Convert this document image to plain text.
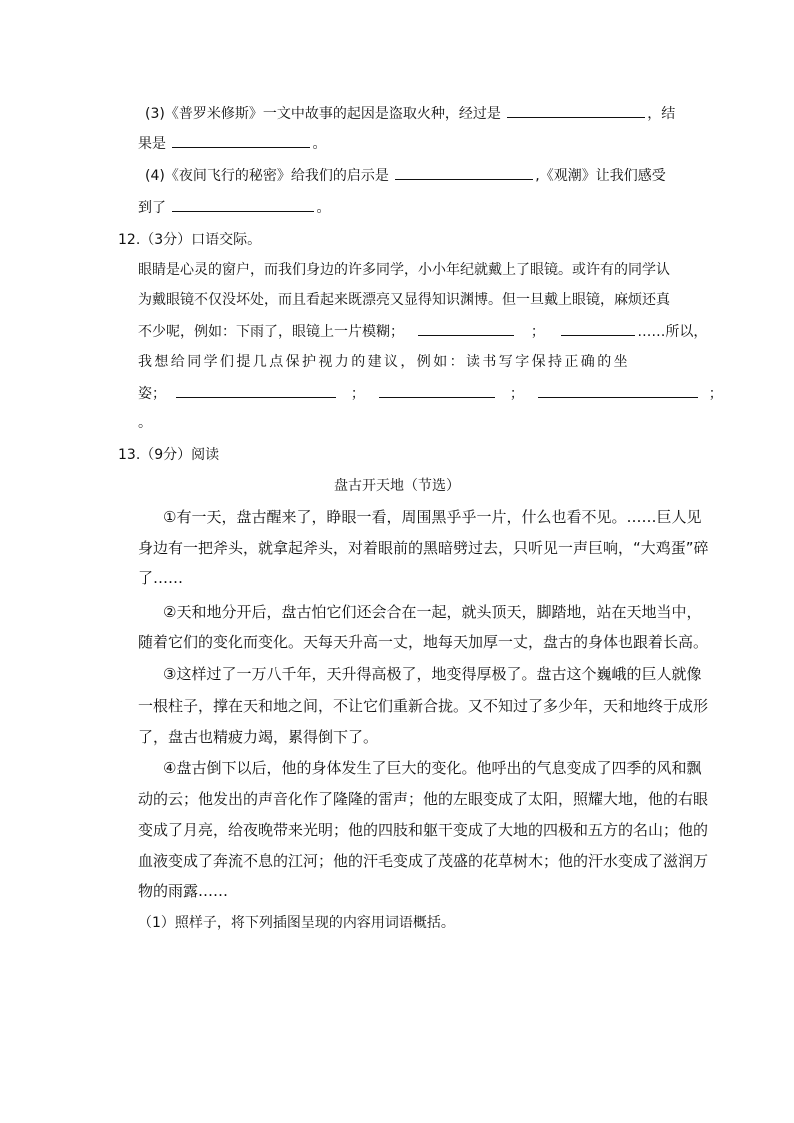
(3)《普罗米修斯》一文中故事的起因是盗取火种，经过是	，结
果是	。
(4)《夜间飞行的秘密》给我们的启示是	,《观潮》让我们感受
到了	。
12.（3分）口语交际。
眼睛是心灵的窗户，而我们身边的许多同学，小小年纪就戴上了眼镜。或许有的同学认
为戴眼镜不仅没坏处，而且看起来既漂亮又显得知识渊博。但一旦戴上眼镜，麻烦还真
不少呢，例如：下雨了，眼镜上一片模糊；	；	……所以，
我想给同学们提几点保护视力的建议，例如：读书写字保持正确的坐
姿；	；	；	；
。
13.（9分）阅读
盘古开天地（节选）
①有一天，盘古醒来了，睁眼一看，周围黑乎乎一片，什么也看不见。……巨人见
身边有一把斧头，就拿起斧头，对着眼前的黑暗劈过去，只听见一声巨响，“大鸡蛋”碎
了……
②天和地分开后，盘古怕它们还会合在一起，就头顶天，脚踏地，站在天地当中，
随着它们的变化而变化。天每天升高一丈，地每天加厚一丈，盘古的身体也跟着长高。
③这样过了一万八千年，天升得高极了，地变得厚极了。盘古这个巍峨的巨人就像
一根柱子，撑在天和地之间，不让它们重新合拢。又不知过了多少年，天和地终于成形
了，盘古也精疲力竭，累得倒下了。
④盘古倒下以后，他的身体发生了巨大的变化。他呼出的气息变成了四季的风和飘
动的云；他发出的声音化作了隆隆的雷声；他的左眼变成了太阳，照耀大地，他的右眼
变成了月亮，给夜晚带来光明；他的四肢和躯干变成了大地的四极和五方的名山；他的
血液变成了奔流不息的江河；他的汗毛变成了茂盛的花草树木；他的汗水变成了滋润万
物的雨露……
（1）照样子，将下列插图呈现的内容用词语概括。
